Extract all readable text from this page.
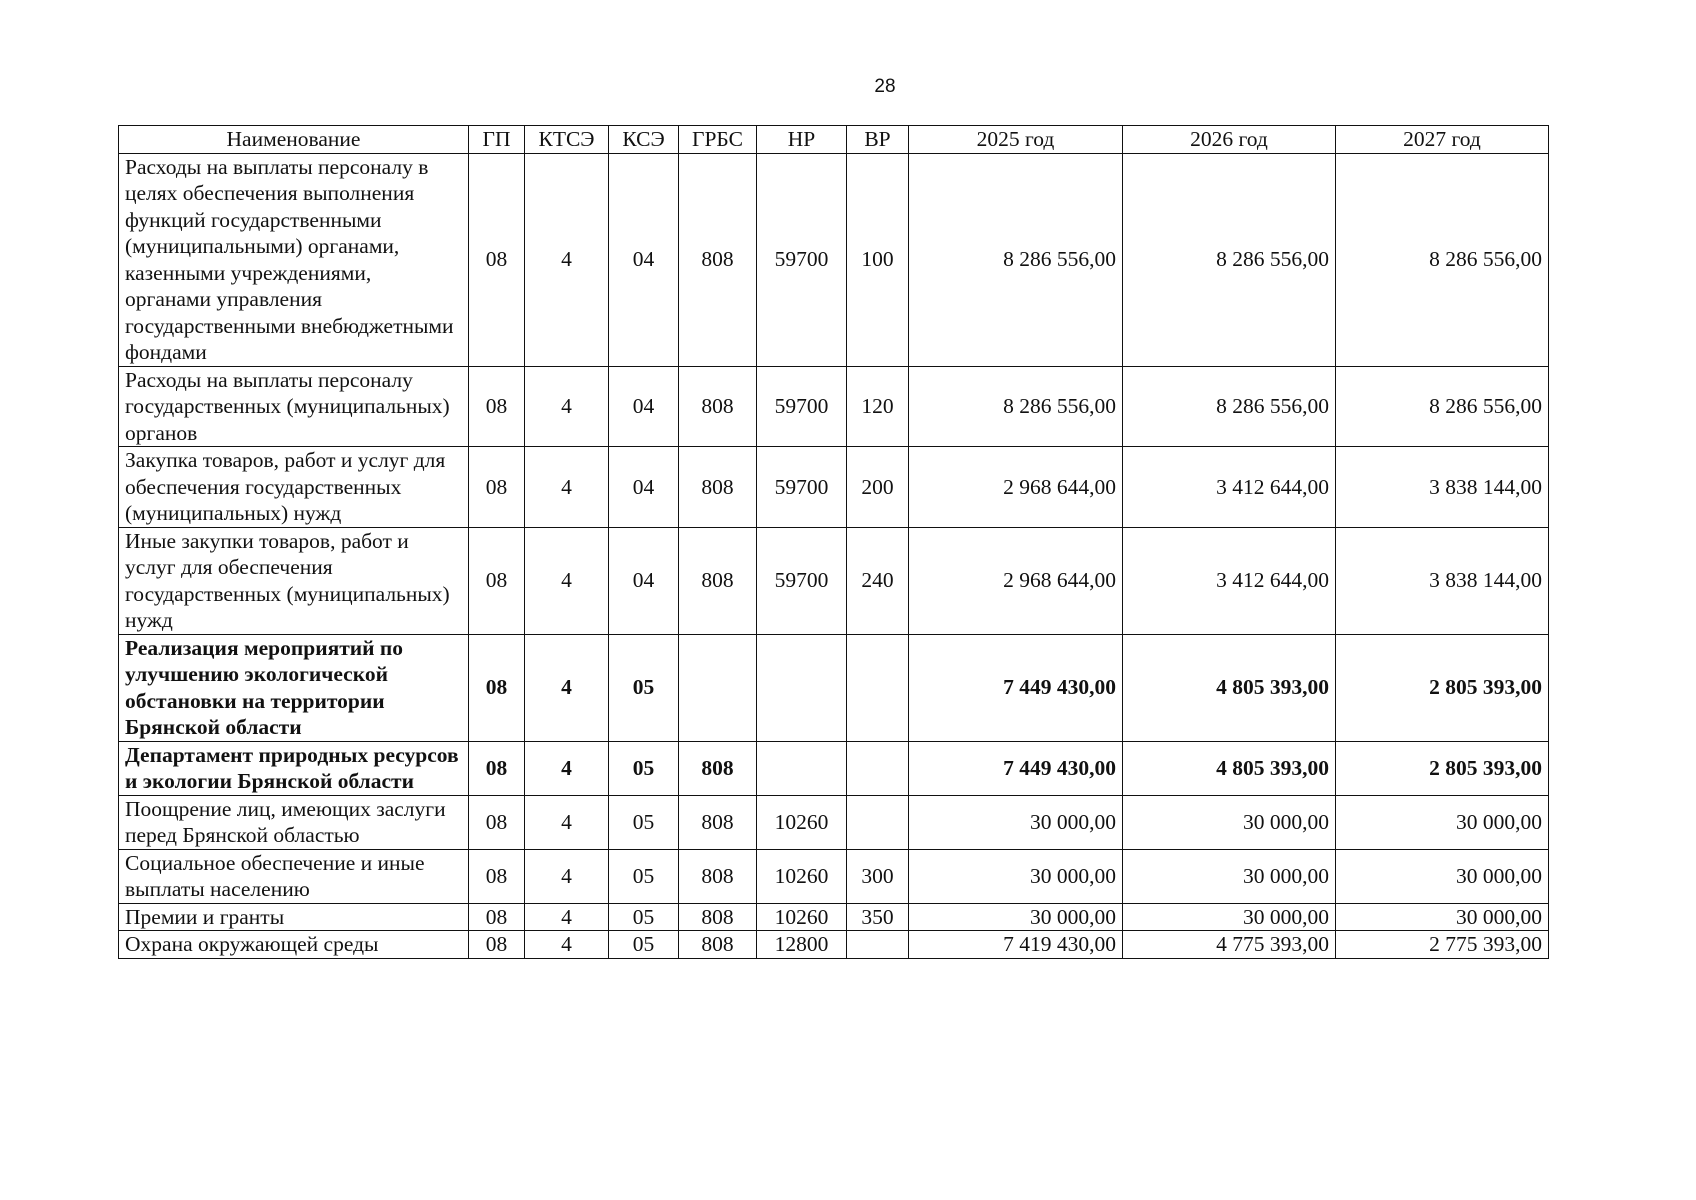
28
Наименование	ГП	КТСЭ	КСЭ	ГРБС	НР	ВР	2025 год	2026 год	2027 год
Расходы на выплаты персоналу в целях обеспечения выполнения функций государственными (муниципальными) органами, казенными учреждениями, органами управления государственными внебюджетными фондами	08	4	04	808	59700	100	8 286 556,00	8 286 556,00	8 286 556,00
Расходы на выплаты персоналу государственных (муниципальных) органов	08	4	04	808	59700	120	8 286 556,00	8 286 556,00	8 286 556,00
Закупка товаров, работ и услуг для обеспечения государственных (муниципальных) нужд	08	4	04	808	59700	200	2 968 644,00	3 412 644,00	3 838 144,00
Иные закупки товаров, работ и услуг для обеспечения государственных (муниципальных) нужд	08	4	04	808	59700	240	2 968 644,00	3 412 644,00	3 838 144,00
Реализация мероприятий по улучшению экологической обстановки на территории Брянской области	08	4	05				7 449 430,00	4 805 393,00	2 805 393,00
Департамент природных ресурсов и экологии Брянской области	08	4	05	808			7 449 430,00	4 805 393,00	2 805 393,00
Поощрение лиц, имеющих заслуги перед Брянской областью	08	4	05	808	10260		30 000,00	30 000,00	30 000,00
Социальное обеспечение и иные выплаты населению	08	4	05	808	10260	300	30 000,00	30 000,00	30 000,00
Премии и гранты	08	4	05	808	10260	350	30 000,00	30 000,00	30 000,00
Охрана окружающей среды	08	4	05	808	12800		7 419 430,00	4 775 393,00	2 775 393,00
